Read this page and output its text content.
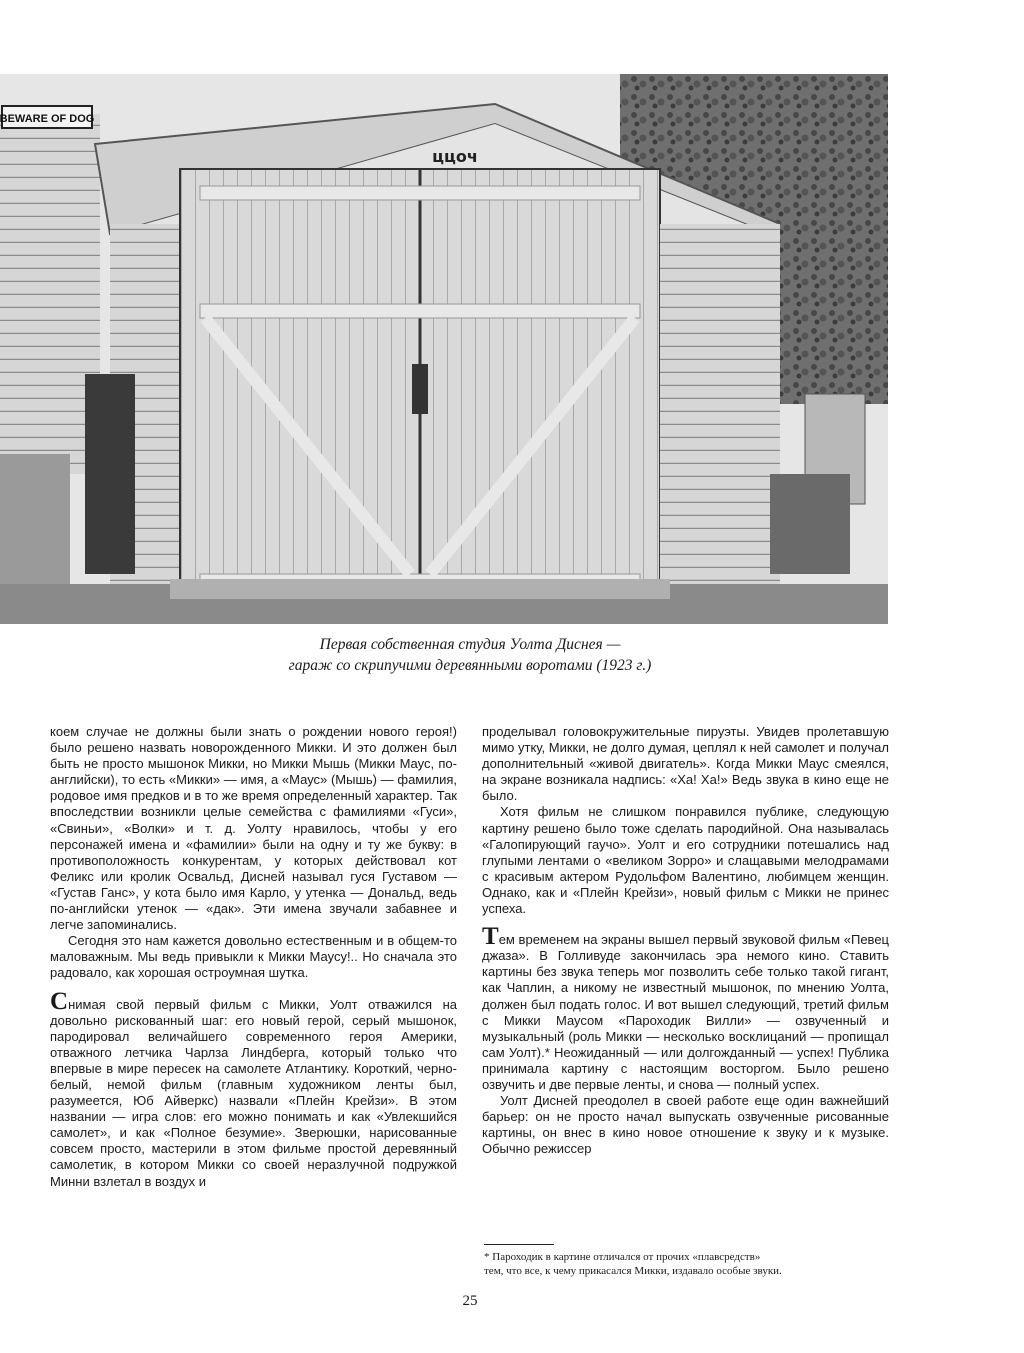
BEWARE OF DOG
ццоч
Первая собственная студия Уолта Диснея —
гараж со скрипучими деревянными воротами (1923 г.)

коем случае не должны были знать о рождении нового героя!) было решено назвать новорожденного Микки. И это должен был быть не просто мышонок Микки, но Микки Мышь (Микки Маус, по-английски), то есть «Микки» — имя, а «Маус» (Мышь) — фамилия, родовое имя предков и в то же время определенный характер. Так впоследствии возникли целые семейства с фамилиями «Гуси», «Свиньи», «Волки» и т. д. Уолту нравилось, чтобы у его персонажей имена и «фамилии» были на одну и ту же букву: в противоположность конкурентам, у которых действовал кот Феликс или кролик Освальд, Дисней называл гуся Густавом — «Густав Ганс», у кота было имя Карло, у утенка — Дональд, ведь по-английски утенок — «дак». Эти имена звучали забавнее и легче запоминались.

Сегодня это нам кажется довольно естественным и в общем-то маловажным. Мы ведь привыкли к Микки Маусу!.. Но сначала это радовало, как хорошая остроумная шутка.

Снимая свой первый фильм с Микки, Уолт отважился на довольно рискованный шаг: его новый герой, серый мышонок, пародировал величайшего современного героя Америки, отважного летчика Чарлза Линдберга, который только что впервые в мире пересек на самолете Атлантику. Короткий, черно-белый, немой фильм (главным художником ленты был, разумеется, Юб Айверкс) назвали «Плейн Крейзи». В этом названии — игра слов: его можно понимать и как «Увлекшийся самолет», и как «Полное безумие». Зверюшки, нарисованные совсем просто, мастерили в этом фильме простой деревянный самолетик, в котором Микки со своей неразлучной подружкой Минни взлетал в воздух и

проделывал головокружительные пируэты. Увидев пролетавшую мимо утку, Микки, не долго думая, цеплял к ней самолет и получал дополнительный «живой двигатель». Когда Микки Маус смеялся, на экране возникала надпись: «Ха! Ха!» Ведь звука в кино еще не было.

Хотя фильм не слишком понравился публике, следующую картину решено было тоже сделать пародийной. Она называлась «Галопирующий гаучо». Уолт и его сотрудники потешались над глупыми лентами о «великом Зорро» и слащавыми мелодрамами с красивым актером Рудольфом Валентино, любимцем женщин. Однако, как и «Плейн Крейзи», новый фильм с Микки не принес успеха.

Тем временем на экраны вышел первый звуковой фильм «Певец джаза». В Голливуде закончилась эра немого кино. Ставить картины без звука теперь мог позволить себе только такой гигант, как Чаплин, а никому не известный мышонок, по мнению Уолта, должен был подать голос. И вот вышел следующий, третий фильм с Микки Маусом «Пароходик Вилли» — озвученный и музыкальный (роль Микки — несколько восклицаний — пропищал сам Уолт).* Неожиданный — или долгожданный — успех! Публика принимала картину с настоящим восторгом. Было решено озвучить и две первые ленты, и снова — полный успех.

Уолт Дисней преодолел в своей работе еще один важнейший барьер: он не просто начал выпускать озвученные рисованные картины, он внес в кино новое отношение к звуку и к музыке. Обычно режиссер

* Пароходик в картине отличался от прочих «плавсредств»
тем, что все, к чему прикасался Микки, издавало особые звуки.
25
